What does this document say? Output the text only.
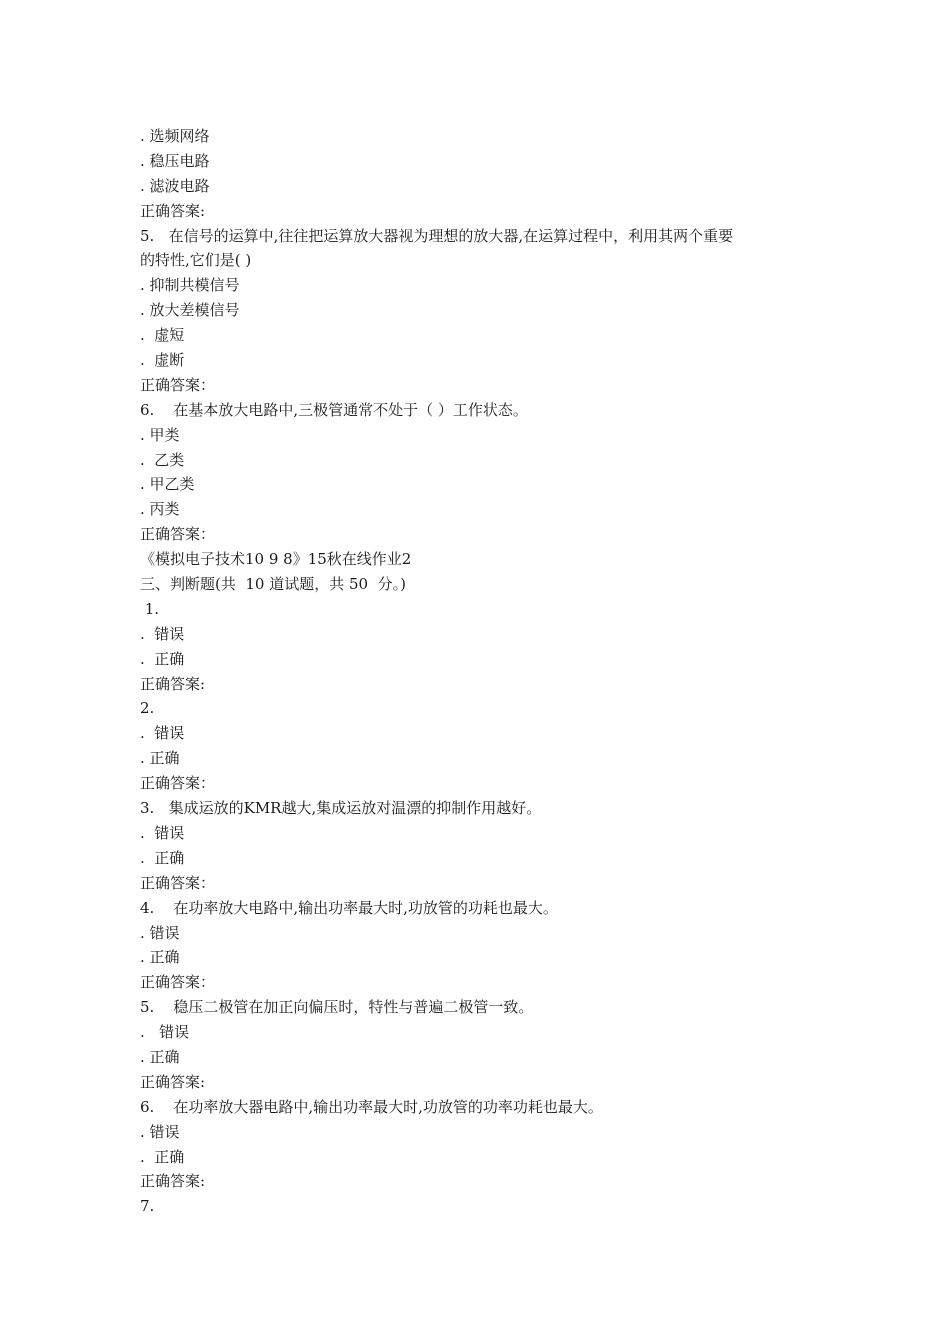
. 选频网络
. 稳压电路
. 滤波电路
正确答案:
5.   在信号的运算中,往往把运算放大器视为理想的放大器,在运算过程中，利用其两个重要
的特性,它们是( )
. 抑制共模信号
. 放大差模信号
.  虚短
.  虚断
正确答案：
6.    在基本放大电路中,三极管通常不处于（ ）工作状态。
. 甲类
.  乙类
. 甲乙类
. 丙类
正确答案：
《模拟电子技术10 9 8》15秋在线作业2
三、判断题(共  10 道试题，共 50  分。)
1.
.  错误
.  正确
正确答案:
2.
.  错误
. 正确
正确答案：
3.   集成运放的KMR越大,集成运放对温漂的抑制作用越好。
.  错误
.  正确
正确答案：
4.    在功率放大电路中,输出功率最大时,功放管的功耗也最大。
. 错误
. 正确
正确答案：
5.    稳压二极管在加正向偏压时，特性与普遍二极管一致。
.   错误
. 正确
正确答案:
6.    在功率放大器电路中,输出功率最大时,功放管的功率功耗也最大。
. 错误
.  正确
正确答案:
7.
